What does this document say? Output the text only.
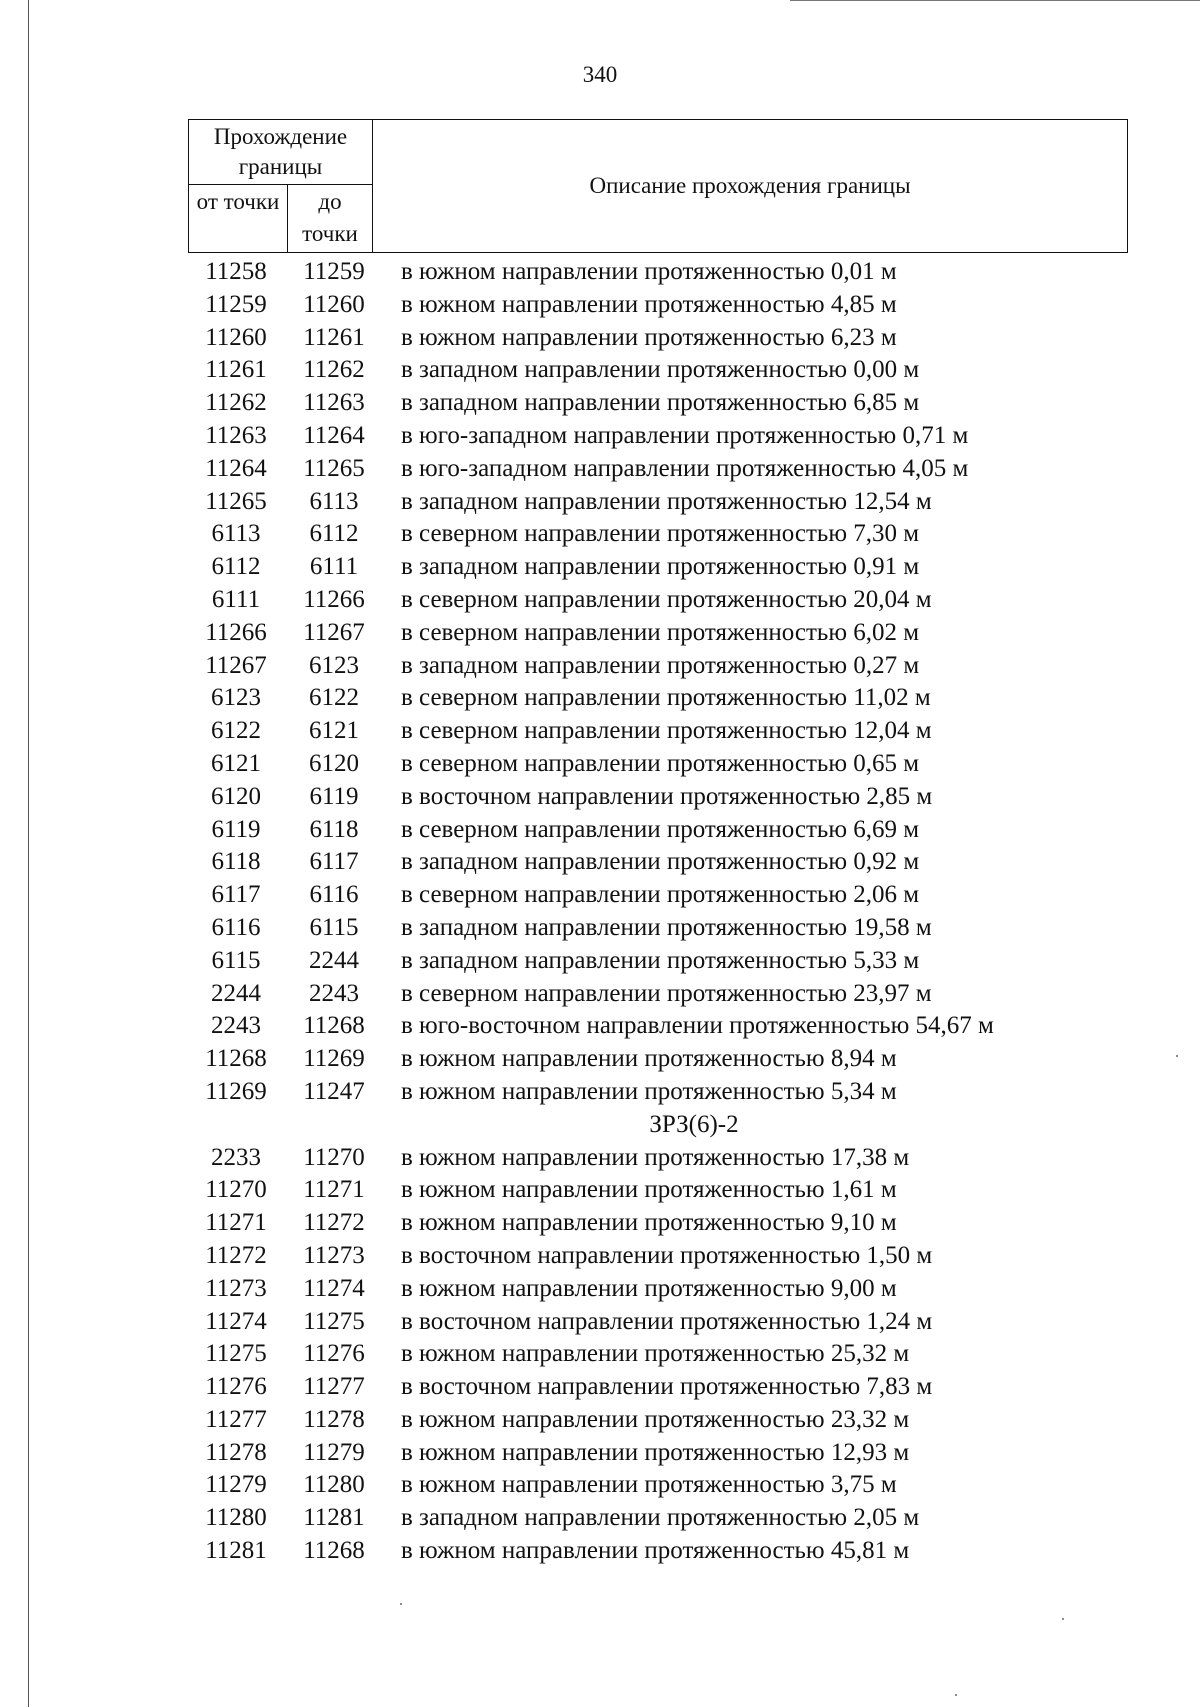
340
Прохождение границы
от точки	до точки
Описание прохождения границы
11258	11259	в южном направлении протяженностью 0,01 м
11259	11260	в южном направлении протяженностью 4,85 м
11260	11261	в южном направлении протяженностью 6,23 м
11261	11262	в западном направлении протяженностью 0,00 м
11262	11263	в западном направлении протяженностью 6,85 м
11263	11264	в юго-западном направлении протяженностью 0,71 м
11264	11265	в юго-западном направлении протяженностью 4,05 м
11265	6113	в западном направлении протяженностью 12,54 м
6113	6112	в северном направлении протяженностью 7,30 м
6112	6111	в западном направлении протяженностью 0,91 м
6111	11266	в северном направлении протяженностью 20,04 м
11266	11267	в северном направлении протяженностью 6,02 м
11267	6123	в западном направлении протяженностью 0,27 м
6123	6122	в северном направлении протяженностью 11,02 м
6122	6121	в северном направлении протяженностью 12,04 м
6121	6120	в северном направлении протяженностью 0,65 м
6120	6119	в восточном направлении протяженностью 2,85 м
6119	6118	в северном направлении протяженностью 6,69 м
6118	6117	в западном направлении протяженностью 0,92 м
6117	6116	в северном направлении протяженностью 2,06 м
6116	6115	в западном направлении протяженностью 19,58 м
6115	2244	в западном направлении протяженностью 5,33 м
2244	2243	в северном направлении протяженностью 23,97 м
2243	11268	в юго-восточном направлении протяженностью 54,67 м
11268	11269	в южном направлении протяженностью 8,94 м
11269	11247	в южном направлении протяженностью 5,34 м
ЗРЗ(6)-2
2233	11270	в южном направлении протяженностью 17,38 м
11270	11271	в южном направлении протяженностью 1,61 м
11271	11272	в южном направлении протяженностью 9,10 м
11272	11273	в восточном направлении протяженностью 1,50 м
11273	11274	в южном направлении протяженностью 9,00 м
11274	11275	в восточном направлении протяженностью 1,24 м
11275	11276	в южном направлении протяженностью 25,32 м
11276	11277	в восточном направлении протяженностью 7,83 м
11277	11278	в южном направлении протяженностью 23,32 м
11278	11279	в южном направлении протяженностью 12,93 м
11279	11280	в южном направлении протяженностью 3,75 м
11280	11281	в западном направлении протяженностью 2,05 м
11281	11268	в южном направлении протяженностью 45,81 м
